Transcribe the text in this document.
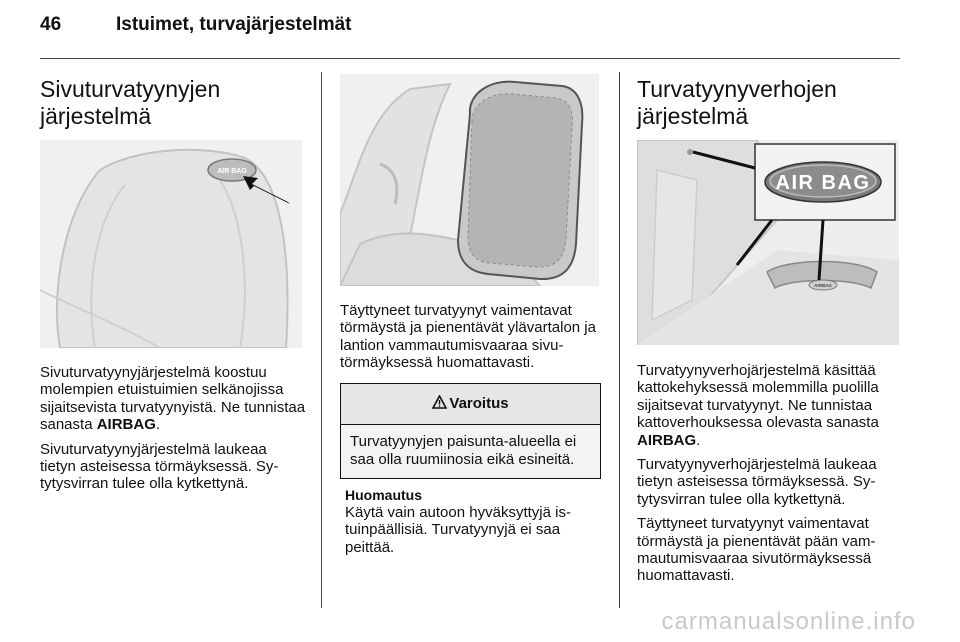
46	Istuimet, turvajärjestelmät
Sivuturvatyynyjen järjestelmä
AIR BAG

Sivuturvatyynyjärjestelmä koostuu molempien etuistuimien selkänojissa sijaitsevista turvatyynyistä. Ne tunnistaa sanasta AIRBAG.

Sivuturvatyynyjärjestelmä laukeaa tietyn asteisessa törmäyksessä. Sytytysvirran tulee olla kytkettynä.

Täyttyneet turvatyynyt vaimentavat törmäystä ja pienentävät ylävartalon ja lantion vammautumisvaaraa sivutörmäyksessä huomattavasti.

Varoitus
Turvatyynyjen paisunta-alueella ei saa olla ruumiinosia eikä esineitä.
Huomautus

Käytä vain autoon hyväksyttyjä istuinpäällisiä. Turvatyynyjä ei saa peittää.

Turvatyynyverhojen järjestelmä
AIRBAG
AIR BAG

Turvatyynyverhojärjestelmä käsittää kattokehyksessä molemmilla puolilla sijaitsevat turvatyynyt. Ne tunnistaa kattoverhouksessa olevasta sanasta AIRBAG.

Turvatyynyverhojärjestelmä laukeaa tietyn asteisessa törmäyksessä. Sytytysvirran tulee olla kytkettynä.

Täyttyneet turvatyynyt vaimentavat törmäystä ja pienentävät pään vammautumisvaaraa sivutörmäyksessä huomattavasti.

carmanualsonline.info
